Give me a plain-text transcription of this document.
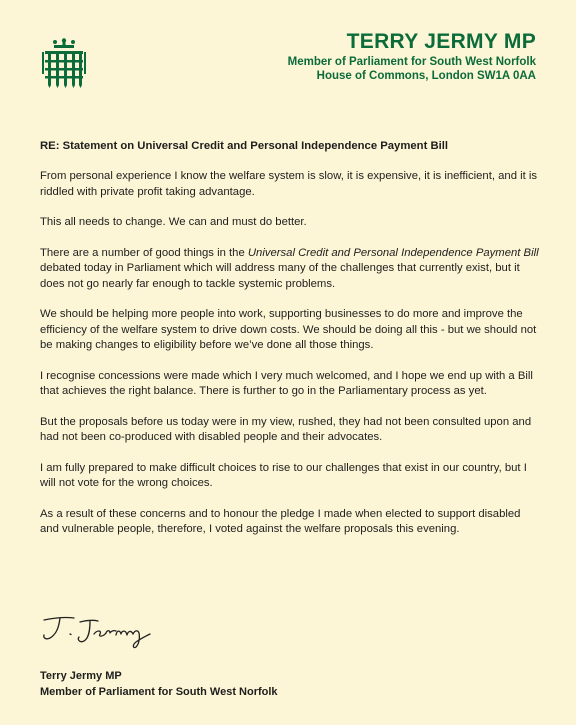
TERRY JERMY MP
Member of Parliament for South West Norfolk
House of Commons, London SW1A 0AA

RE: Statement on Universal Credit and Personal Independence Payment Bill

From personal experience I know the welfare system is slow, it is expensive, it is inefficient, and it is riddled with private profit taking advantage.

This all needs to change. We can and must do better.

There are a number of good things in the Universal Credit and Personal Independence Payment Bill debated today in Parliament which will address many of the challenges that currently exist, but it does not go nearly far enough to tackle systemic problems.

We should be helping more people into work, supporting businesses to do more and improve the efficiency of the welfare system to drive down costs. We should be doing all this - but we should not be making changes to eligibility before we’ve done all those things.

I recognise concessions were made which I very much welcomed, and I hope we end up with a Bill that achieves the right balance. There is further to go in the Parliamentary process as yet.

But the proposals before us today were in my view, rushed, they had not been consulted upon and had not been co-produced with disabled people and their advocates.

I am fully prepared to make difficult choices to rise to our challenges that exist in our country, but I will not vote for the wrong choices.

As a result of these concerns and to honour the pledge I made when elected to support disabled and vulnerable people, therefore, I voted against the welfare proposals this evening.

Terry Jermy MP
Member of Parliament for South West Norfolk
